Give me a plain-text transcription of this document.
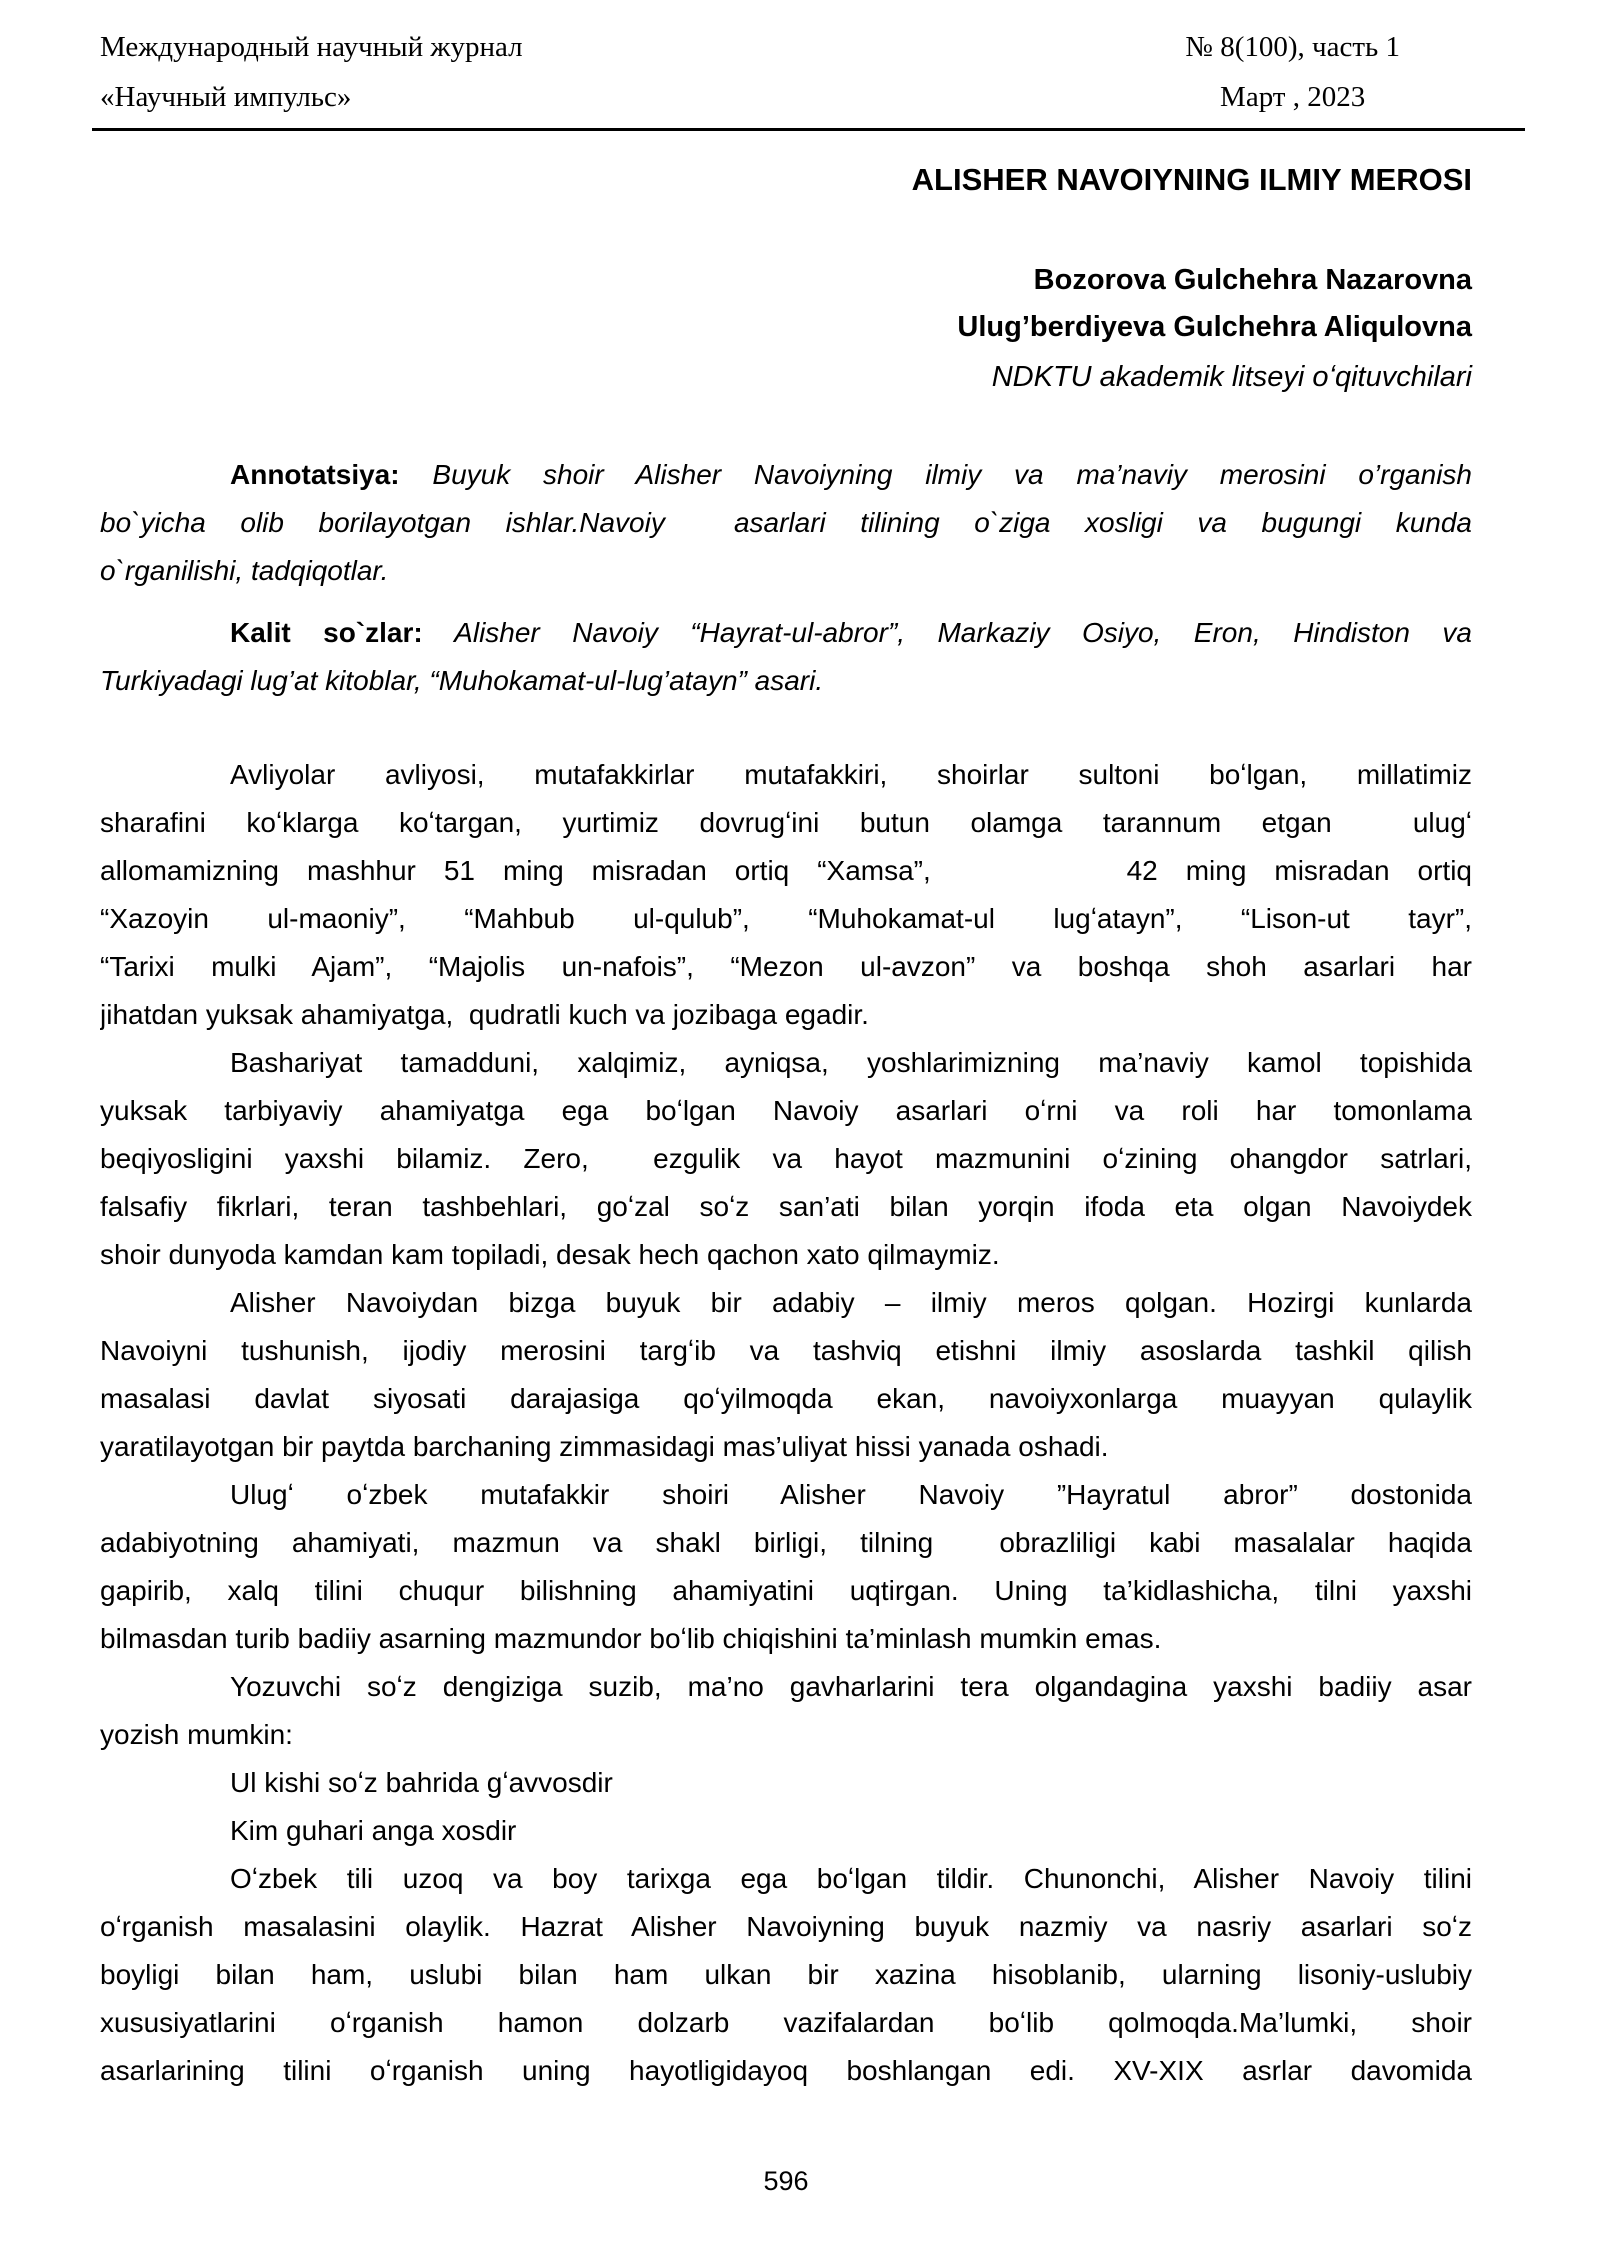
Международный научный журнал
«Научный импульс»
№ 8(100), часть 1
Март , 2023
ALISHER NAVOIYNING ILMIY MEROSI
Bozorova Gulchehra Nazarovna
Ulug’berdiyeva Gulchehra Aliqulovna
NDKTU akademik litseyi oʻqituvchilari
Annotatsiya: Buyuk shoir Alisher Navoiyning ilmiy va ma’naviy merosini o’rganish
bo`yicha olib borilayotgan ishlar.Navoiy  asarlari tilining o`ziga xosligi va bugungi kunda
o`rganilishi, tadqiqotlar.
Kalit so`zlar: Alisher Navoiy “Hayrat-ul-abror”, Markaziy Osiyo, Eron, Hindiston va
Turkiyadagi lug’at kitoblar, “Muhokamat-ul-lug’atayn” asari.
Avliyolar avliyosi, mutafakkirlar mutafakkiri, shoirlar sultoni boʻlgan, millatimiz
sharafini koʻklarga koʻtargan, yurtimiz dovrugʻini butun olamga tarannum etgan  ulugʻ
allomamizning mashhur 51 ming misradan ortiq “Xamsa”,       42 ming misradan ortiq
“Xazoyin ul-maoniy”, “Mahbub ul-qulub”, “Muhokamat-ul lugʻatayn”, “Lison-ut tayr”,
“Tarixi mulki Ajam”, “Majolis un-nafois”, “Mezon ul-avzon” va boshqa shoh asarlari har
jihatdan yuksak ahamiyatga,  qudratli kuch va jozibaga egadir.
Bashariyat tamadduni, xalqimiz, ayniqsa, yoshlarimizning ma’naviy kamol topishida
yuksak tarbiyaviy ahamiyatga ega boʻlgan Navoiy asarlari oʻrni va roli har tomonlama
beqiyosligini yaxshi bilamiz. Zero,  ezgulik va hayot mazmunini oʻzining ohangdor satrlari,
falsafiy fikrlari, teran tashbehlari, goʻzal soʻz san’ati bilan yorqin ifoda eta olgan Navoiydek
shoir dunyoda kamdan kam topiladi, desak hech qachon xato qilmaymiz.
Alisher Navoiydan bizga buyuk bir adabiy – ilmiy meros qolgan. Hozirgi kunlarda
Navoiyni tushunish, ijodiy merosini targʻib va tashviq etishni ilmiy asoslarda tashkil qilish
masalasi davlat siyosati darajasiga qoʻyilmoqda ekan, navoiyxonlarga muayyan qulaylik
yaratilayotgan bir paytda barchaning zimmasidagi mas’uliyat hissi yanada oshadi.
Ulugʻ oʻzbek mutafakkir shoiri Alisher Navoiy ”Hayratul abror” dostonida
adabiyotning ahamiyati, mazmun va shakl birligi, tilning  obrazliligi kabi masalalar haqida
gapirib, xalq tilini chuqur bilishning ahamiyatini uqtirgan. Uning ta’kidlashicha, tilni yaxshi
bilmasdan turib badiiy asarning mazmundor boʻlib chiqishini ta’minlash mumkin emas.
Yozuvchi soʻz dengiziga suzib, ma’no gavharlarini tera olgandagina yaxshi badiiy asar
yozish mumkin:
Ul kishi soʻz bahrida gʻavvosdir
Kim guhari anga xosdir
Oʻzbek tili uzoq va boy tarixga ega boʻlgan tildir. Chunonchi, Alisher Navoiy tilini
oʻrganish masalasini olaylik. Hazrat Alisher Navoiyning buyuk nazmiy va nasriy asarlari soʻz
boyligi bilan ham, uslubi bilan ham ulkan bir xazina hisoblanib, ularning lisoniy-uslubiy
xususiyatlarini oʻrganish hamon dolzarb vazifalardan boʻlib qolmoqda.Ma’lumki, shoir
asarlarining tilini oʻrganish uning hayotligidayoq boshlangan edi. XV-XIX asrlar davomida
596
